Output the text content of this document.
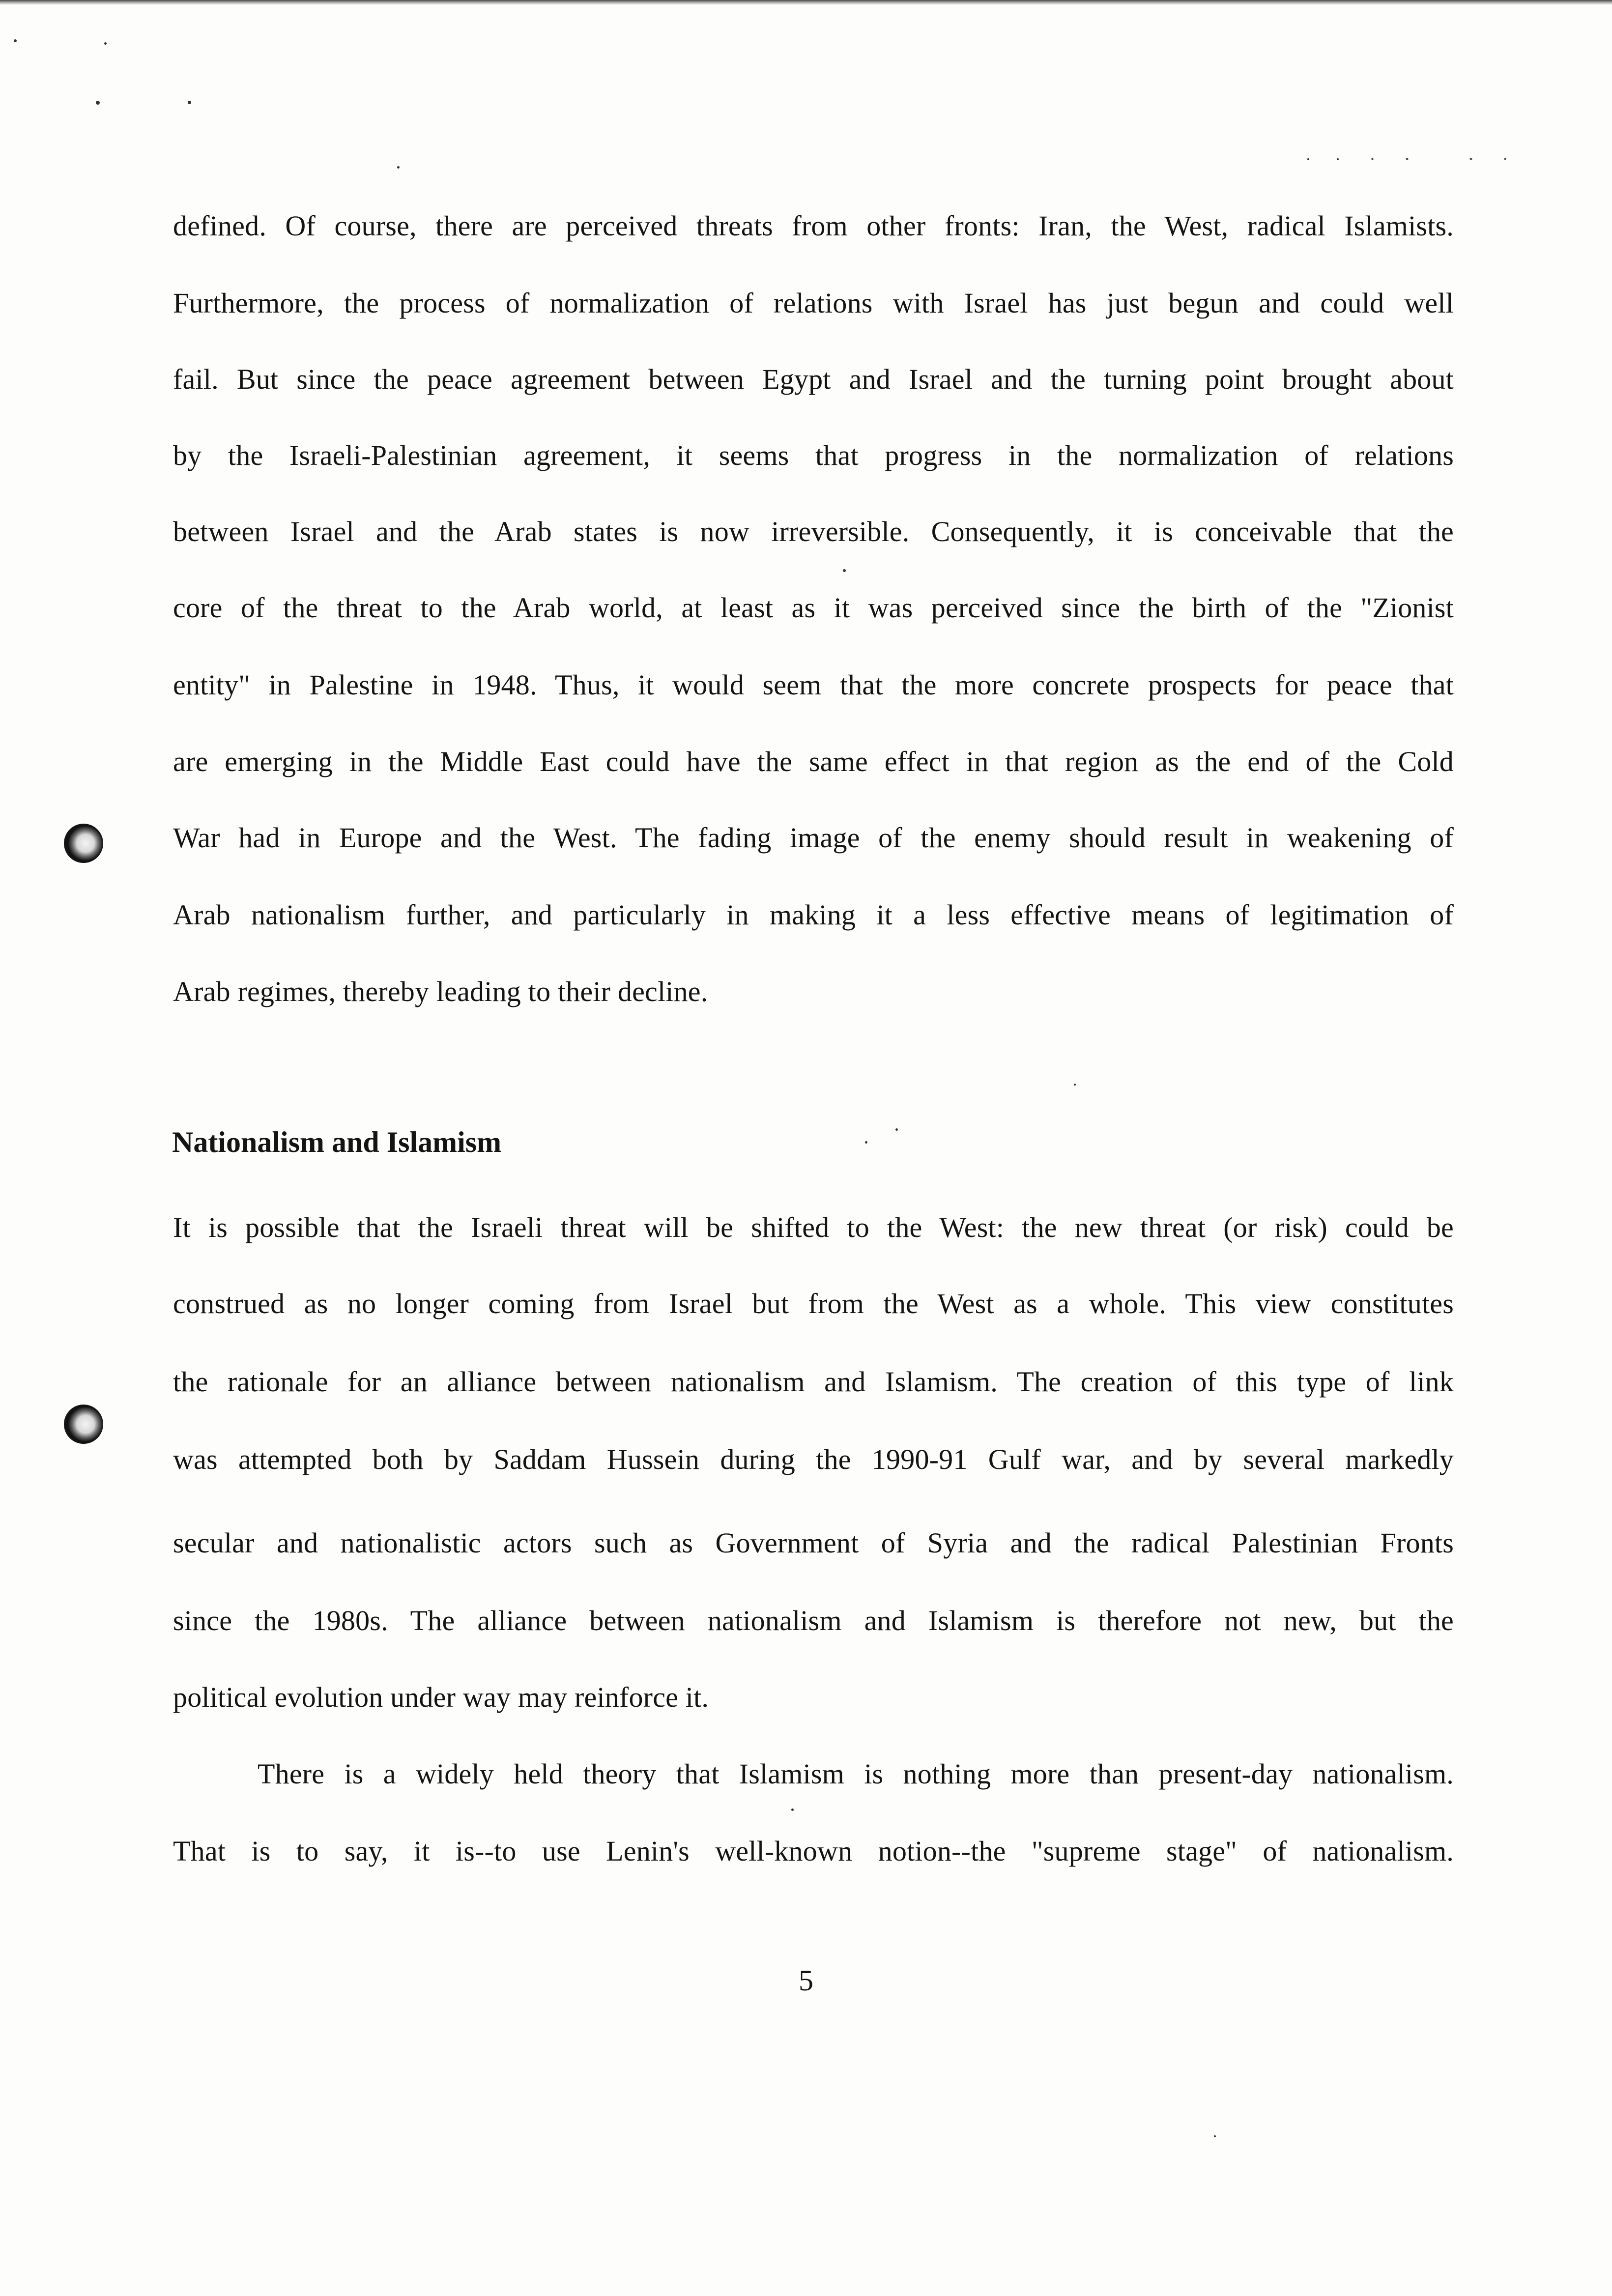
defined. Of course, there are perceived threats from other fronts: Iran, the West, radical Islamists.
Furthermore, the process of normalization of relations with Israel has just begun and could well
fail. But since the peace agreement between Egypt and Israel and the turning point brought about
by the Israeli-Palestinian agreement, it seems that progress in the normalization of relations
between Israel and the Arab states is now irreversible. Consequently, it is conceivable that the
core of the threat to the Arab world, at least as it was perceived since the birth of the "Zionist
entity" in Palestine in 1948. Thus, it would seem that the more concrete prospects for peace that
are emerging in the Middle East could have the same effect in that region as the end of the Cold
War had in Europe and the West. The fading image of the enemy should result in weakening of
Arab nationalism further, and particularly in making it a less effective means of legitimation of
Arab regimes, thereby leading to their decline.
Nationalism and Islamism
It is possible that the Israeli threat will be shifted to the West: the new threat (or risk) could be
construed as no longer coming from Israel but from the West as a whole. This view constitutes
the rationale for an alliance between nationalism and Islamism. The creation of this type of link
was attempted both by Saddam Hussein during the 1990-91 Gulf war, and by several markedly
secular and nationalistic actors such as Government of Syria and the radical Palestinian Fronts
since the 1980s. The alliance between nationalism and Islamism is therefore not new, but the
political evolution under way may reinforce it.
There is a widely held theory that Islamism is nothing more than present-day nationalism.
That is to say, it is--to use Lenin's well-known notion--the "supreme stage" of nationalism.
5
